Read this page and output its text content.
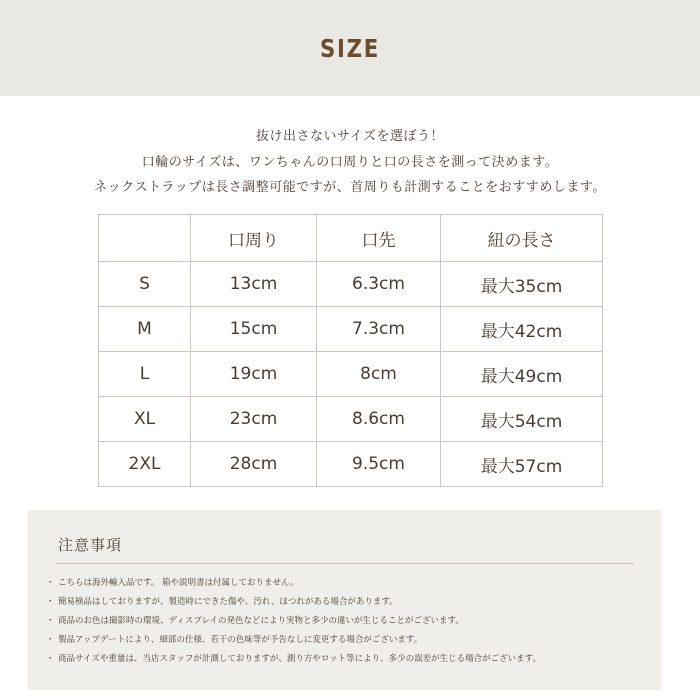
SIZE
抜け出さないサイズを選ぼう！
口輪のサイズは、ワンちゃんの口周りと口の長さを測って決めます。
ネックストラップは長さ調整可能ですが、首周りも計測することをおすすめします。
	口周り	口先	紐の長さ
S	13cm	6.3cm	最大35cm
M	15cm	7.3cm	最大42cm
L	19cm	8cm	最大49cm
XL	23cm	8.6cm	最大54cm
2XL	28cm	9.5cm	最大57cm
注意事項
・ こちらは海外輸入品です。 箱や説明書は付属しておりません。
・ 簡易検品はしておりますが、製造時にできた傷や、汚れ、ほつれがある場合があります。
・ 商品のお色は撮影時の環境、ディスプレイの発色などにより実物と多少の違いが生じることがございます。
・ 製品アップデートにより、細部の仕様、若干の色味等が予告なしに変更する場合がございます。
・ 商品サイズや重量は、当店スタッフが計測しておりますが、測り方やロット等により、多少の誤差が生じる場合がございます。
